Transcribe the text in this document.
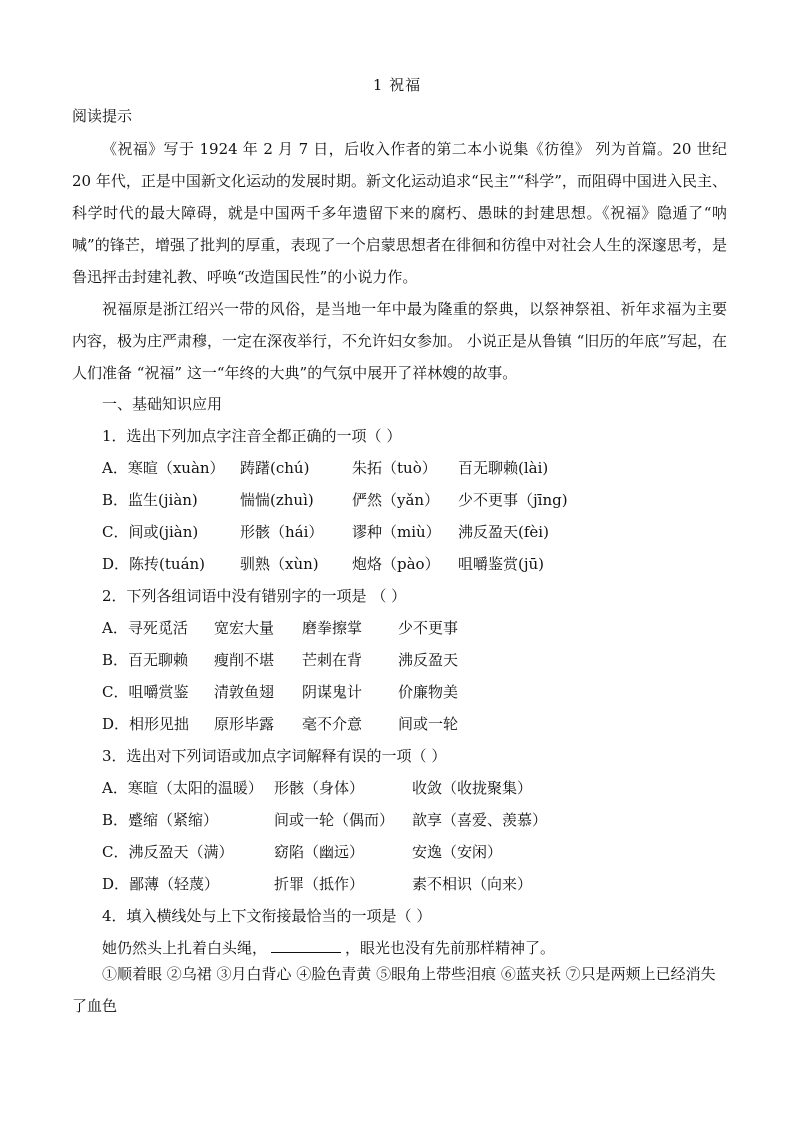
1 祝福
阅读提示

《祝福》写于 1924 年 2 月 7 日，后收入作者的第二本小说集《彷徨》 列为首篇。20 世纪 20 年代，正是中国新文化运动的发展时期。新文化运动追求“民主”“科学”，而阻碍中国进入民主、科学时代的最大障碍，就是中国两千多年遗留下来的腐朽、愚昧的封建思想。《祝福》隐遁了“呐喊”的锋芒，增强了批判的厚重，表现了一个启蒙思想者在徘徊和彷徨中对社会人生的深邃思考，是鲁迅抨击封建礼教、呼唤“改造国民性”的小说力作。

祝福原是浙江绍兴一带的风俗，是当地一年中最为隆重的祭典，以祭神祭祖、祈年求福为主要内容，极为庄严肃穆，一定在深夜举行，不允许妇女参加。 小说正是从鲁镇 “旧历的年底”写起，在人们准备 “祝福” 这一“年终的大典”的气氛中展开了祥林嫂的故事。

一、基础知识应用
1．选出下列加点字注音全都正确的一项（ ）
A．寒暄（xuàn） 踌躇(chú)	朱拓（tuò） 百无聊赖(lài)
B．监生(jiàn)	惴惴(zhuì)	俨然（yǎn） 少不更事（jīng)
C．间或(jiàn)	形骸（hái） 谬种（miù） 沸反盈天(fèi)
D．陈抟(tuán) 驯熟（xùn) 炮烙（pào） 咀嚼鉴赏(jū)
2．下列各组词语中没有错别字的一项是 （ ）
A．寻死觅活 宽宏大量 磨拳擦掌 少不更事
B．百无聊赖 瘦削不堪 芒刺在背 沸反盈天
C．咀嚼赏鉴 清敦鱼翅 阴谋鬼计 价廉物美
D．相形见拙 原形毕露 毫不介意 间或一轮
3．选出对下列词语或加点字词解释有误的一项（ ）
A．寒暄（太阳的温暖） 形骸（身体）	收敛（收拢聚集）
B．蹙缩（紧缩）	间或一轮（偶而） 歆享（喜爱、羡慕）
C．沸反盈天（满）	窈陷（幽远）	安逸（安闲）
D．鄙薄（轻蔑）	折罪（抵作）	素不相识（向来）
4．填入横线处与上下文衔接最恰当的一项是（ ）
她仍然头上扎着白头绳，	，眼光也没有先前那样精神了。

①顺着眼 ②乌裙 ③月白背心 ④脸色青黄 ⑤眼角上带些泪痕 ⑥蓝夹袄 ⑦只是两颊上已经消失了血色
